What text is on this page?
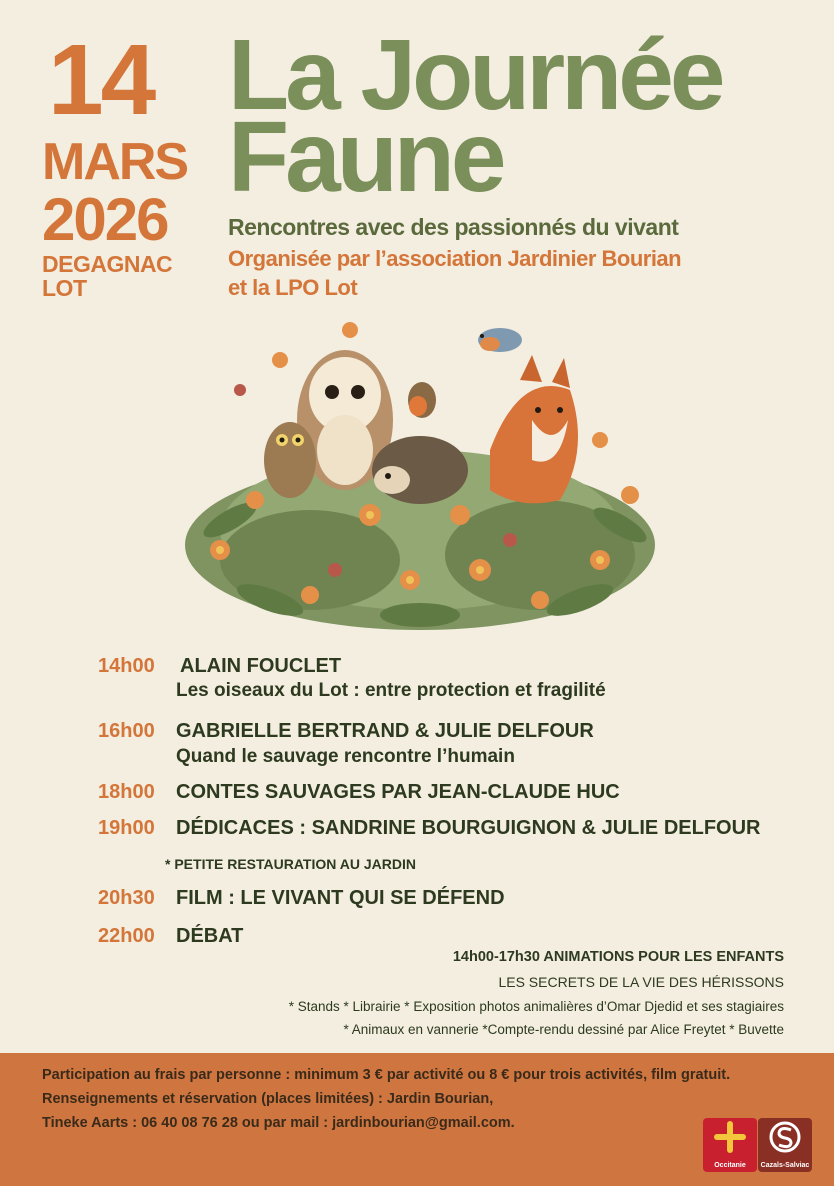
14
MARS
2026
DEGAGNAC
LOT
La Journée
Faune
Rencontres avec des passionnés du vivant
Organisée par l’association Jardinier Bourian
et la LPO Lot
14h00 ALAIN FOUCLET
Les oiseaux du Lot : entre protection et fragilité
16h00 GABRIELLE BERTRAND & JULIE DELFOUR
Quand le sauvage rencontre l’humain
18h00 CONTES SAUVAGES PAR JEAN-CLAUDE HUC
19h00 DÉDICACES : SANDRINE BOURGUIGNON & JULIE DELFOUR
* PETITE RESTAURATION AU JARDIN
20h30 FILM : LE VIVANT QUI SE DÉFEND
22h00 DÉBAT
14h00-17h30 ANIMATIONS POUR LES ENFANTS
LES SECRETS DE LA VIE DES HÉRISSONS
* Stands * Librairie * Exposition photos animalières d’Omar Djedid et ses stagiaires
* Animaux en vannerie *Compte-rendu dessiné par Alice Freytet * Buvette
Participation au frais par personne : minimum 3 € par activité ou 8 € pour trois activités, film gratuit.
Renseignements et réservation (places limitées) : Jardin Bourian,
Tineke Aarts : 06 40 08 76 28 ou par mail : jardinbourian@gmail.com.
Occitanie	Cazals-Salviac
